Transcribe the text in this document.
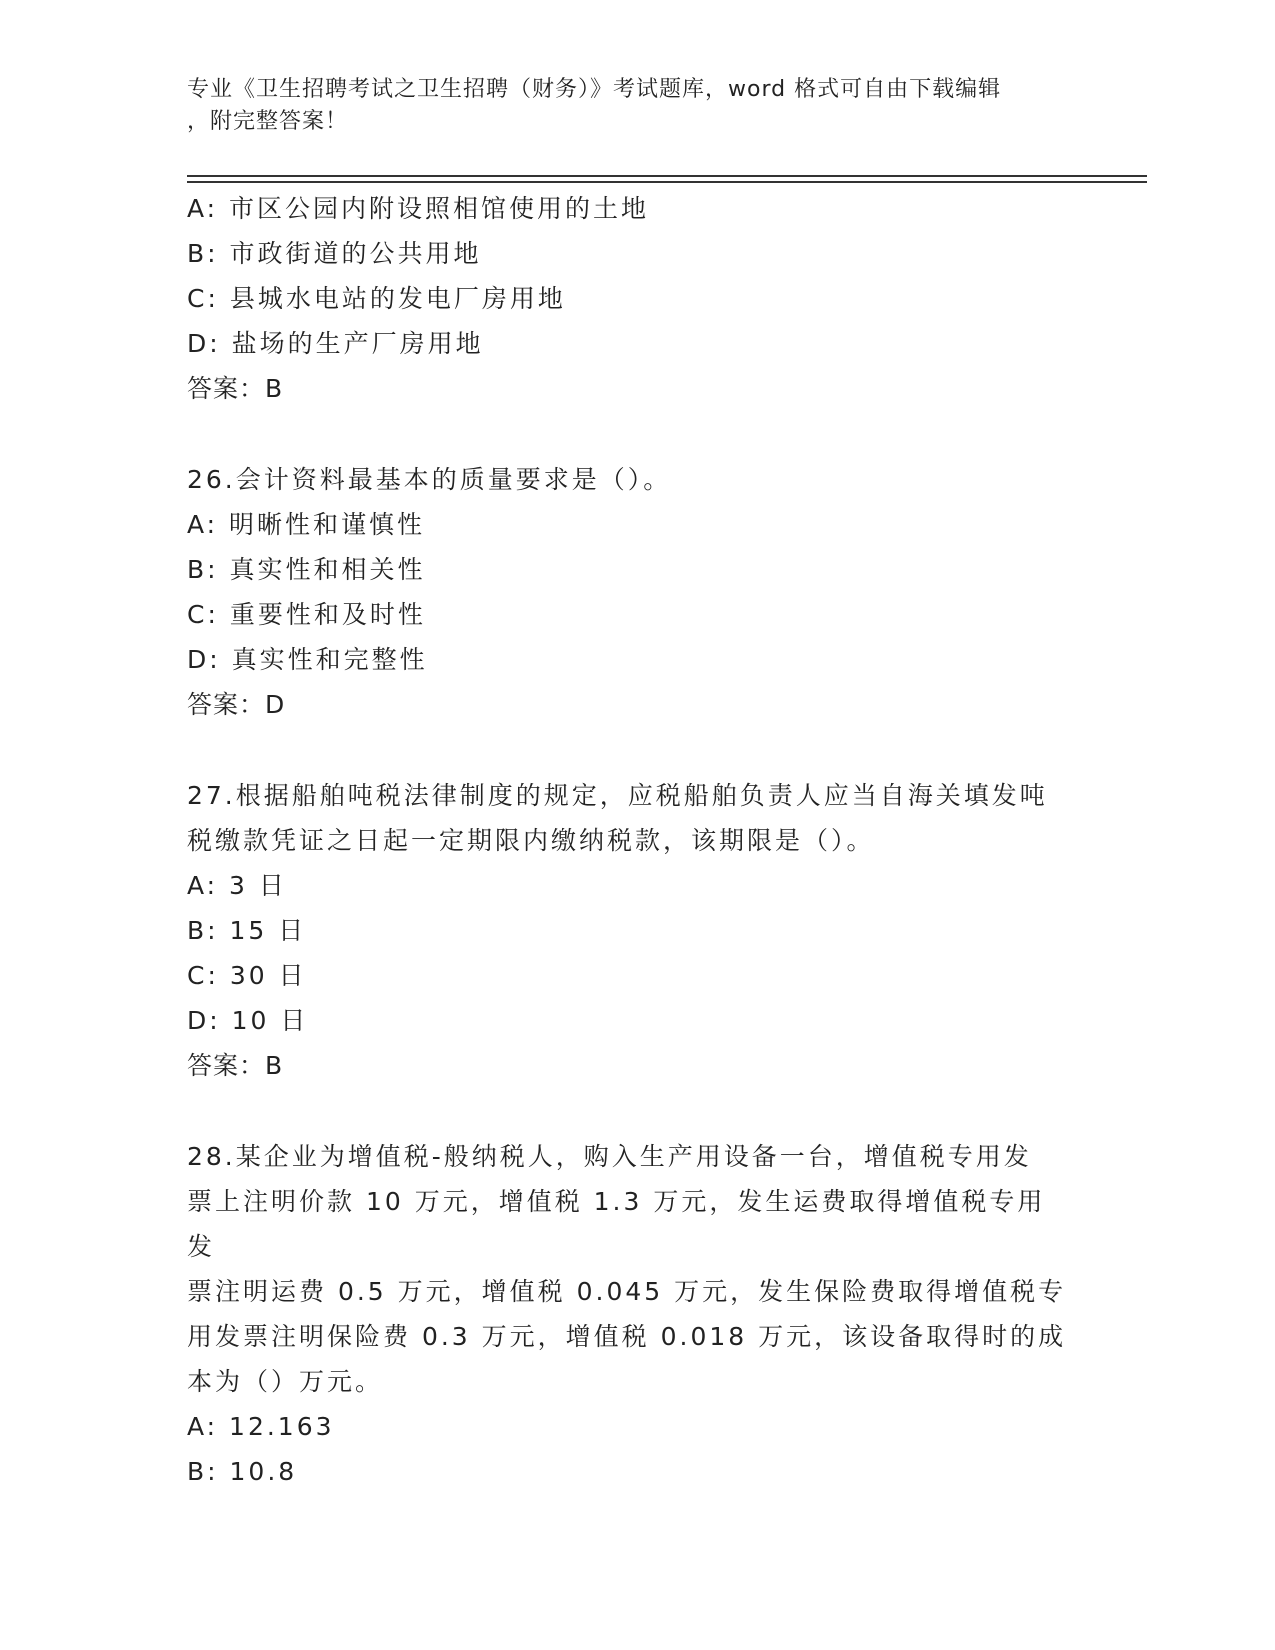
专业《卫生招聘考试之卫生招聘（财务）》考试题库，word 格式可自由下载编辑
，附完整答案！
A: 市区公园内附设照相馆使用的土地
B: 市政街道的公共用地
C: 县城水电站的发电厂房用地
D: 盐场的生产厂房用地
答案：B
26.会计资料最基本的质量要求是（）。
A: 明晰性和谨慎性
B: 真实性和相关性
C: 重要性和及时性
D: 真实性和完整性
答案：D
27.根据船舶吨税法律制度的规定，应税船舶负责人应当自海关填发吨
税缴款凭证之日起一定期限内缴纳税款，该期限是（）。
A: 3 日
B: 15 日
C: 30 日
D: 10 日
答案：B
28.某企业为增值税-般纳税人，购入生产用设备一台，增值税专用发
票上注明价款 10 万元，增值税 1.3 万元，发生运费取得增值税专用发
票注明运费 0.5 万元，增值税 0.045 万元，发生保险费取得增值税专
用发票注明保险费 0.3 万元，增值税 0.018 万元，该设备取得时的成
本为（）万元。
A: 12.163
B: 10.8
